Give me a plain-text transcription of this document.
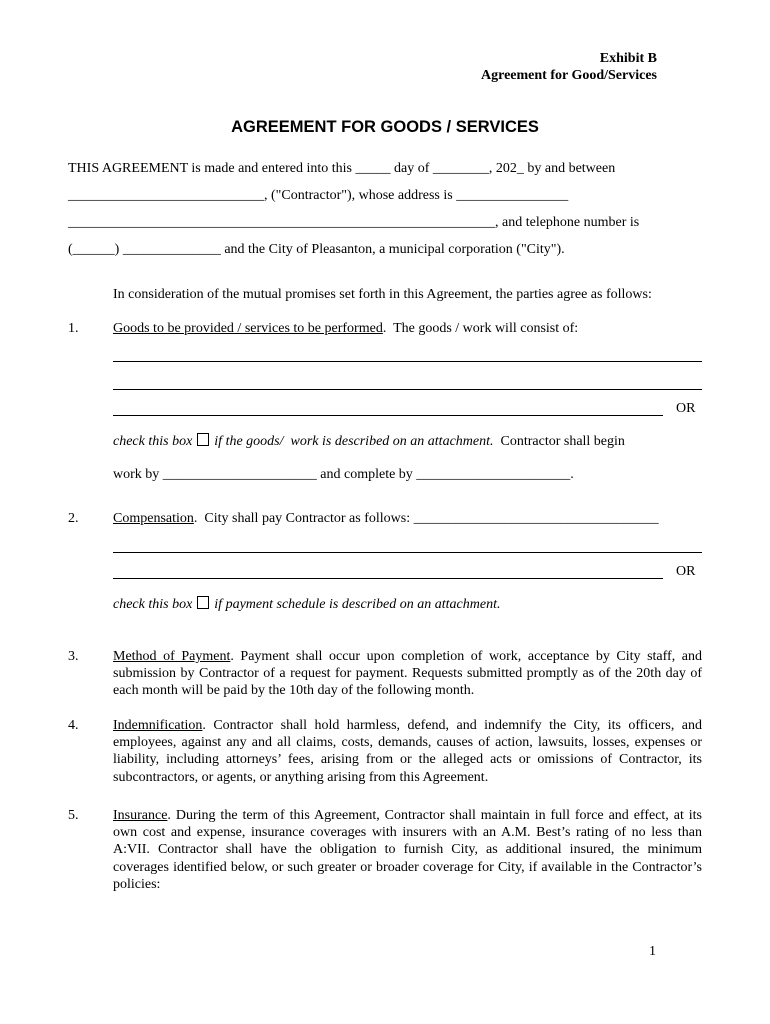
Exhibit B
Agreement for Good/Services
AGREEMENT FOR GOODS / SERVICES
THIS AGREEMENT is made and entered into this _____ day of ________, 202_ by and between
____________________________, ("Contractor"), whose address is ________________
_____________________________________________________________, and telephone number is
(______) ______________ and the City of Pleasanton, a municipal corporation ("City").
In consideration of the mutual promises set forth in this Agreement, the parties agree as follows:
1. Goods to be provided / services to be performed.  The goods / work will consist of:
OR
check this box if the goods/  work is described on an attachment.  Contractor shall begin
work by ______________________ and complete by ______________________.
2. Compensation.  City shall pay Contractor as follows: ___________________________________
OR
check this box if payment schedule is described on an attachment.
3. Method of Payment. Payment shall occur upon completion of work, acceptance by City staff, and submission by Contractor of a request for payment. Requests submitted promptly as of the 20th day of each month will be paid by the 10th day of the following month.
4. Indemnification. Contractor shall hold harmless, defend, and indemnify the City, its officers, and employees, against any and all claims, costs, demands, causes of action, lawsuits, losses, expenses or liability, including attorneys’ fees, arising from or the alleged acts or omissions of Contractor, its subcontractors, or agents, or anything arising from this Agreement.
5. Insurance. During the term of this Agreement, Contractor shall maintain in full force and effect, at its own cost and expense, insurance coverages with insurers with an A.M. Best’s rating of no less than A:VII. Contractor shall have the obligation to furnish City, as additional insured, the minimum coverages identified below, or such greater or broader coverage for City, if available in the Contractor’s policies:
1
